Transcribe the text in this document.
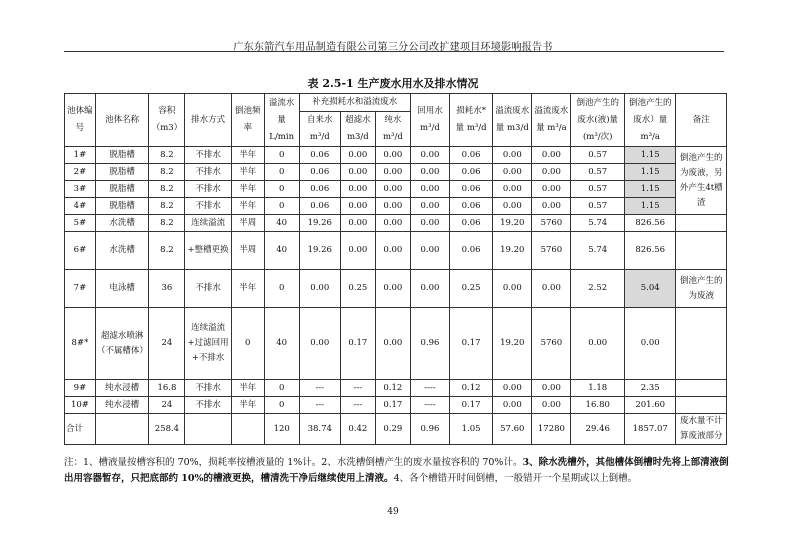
广东东箭汽车用品制造有限公司第三分公司改扩建项目环境影响报告书
表 2.5-1 生产废水用水及排水情况
池体编号	池体名称	容积（m3）	排水方式	倒池频率	溢流水量 L/min	补充损耗水和溢流废水			回用水 m³/d	损耗水* 量 m³/d	溢流废水量 m3/d	溢流废水量 m³/a	倒池产生的废水(液)量 (m³/次)	倒池产生的废水）量 m³/a	备注
						自来水 m³/d	超滤水 m3/d	纯水 m³/d							
1#	脱脂槽	8.2	不排水	半年	0	0.06	0.00	0.00	0.00	0.06	0.00	0.00	0.57	1.15	倒池产生的为废液，另外产生4t槽渣
2#	脱脂槽	8.2	不排水	半年	0	0.06	0.00	0.00	0.00	0.06	0.00	0.00	0.57	1.15	
3#	脱脂槽	8.2	不排水	半年	0	0.06	0.00	0.00	0.00	0.06	0.00	0.00	0.57	1.15	
4#	脱脂槽	8.2	不排水	半年	0	0.06	0.00	0.00	0.00	0.06	0.00	0.00	0.57	1.15	
5#	水洗槽	8.2	连续溢流	半周	40	19.26	0.00	0.00	0.00	0.06	19.20	5760	5.74	826.56	
6#	水洗槽	8.2	+整槽更换	半周	40	19.26	0.00	0.00	0.00	0.06	19.20	5760	5.74	826.56	
7#	电泳槽	36	不排水	半年	0	0.00	0.25	0.00	0.00	0.25	0.00	0.00	2.52	5.04	倒池产生的为废液
8#*	超滤水喷淋（不属槽体）	24	连续溢流+过滤回用+不排水	0	40	0.00	0.17	0.00	0.96	0.17	19.20	5760	0.00	0.00	
9#	纯水浸槽	16.8	不排水	半年	0	---	---	0.12	----	0.12	0.00	0.00	1.18	2.35	
10#	纯水浸槽	24	不排水	半年	0	---	---	0.17	----	0.17	0.00	0.00	16.80	201.60	
合计		258.4			120	38.74	0.42	0.29	0.96	1.05	57.60	17280	29.46	1857.07	废水量不计算废液部分
注：1、槽液量按槽容积的 70%，损耗率按槽液量的 1%计。2、水洗槽倒槽产生的废水量按容积的 70%计。3、除水洗槽外，其他槽体倒槽时先将上部清液倒出用容器暂存，只把底部约 10%的槽液更换，槽清洗干净后继续使用上清液。4、各个槽错开时间倒槽，一般错开一个星期或以上倒槽。
49
